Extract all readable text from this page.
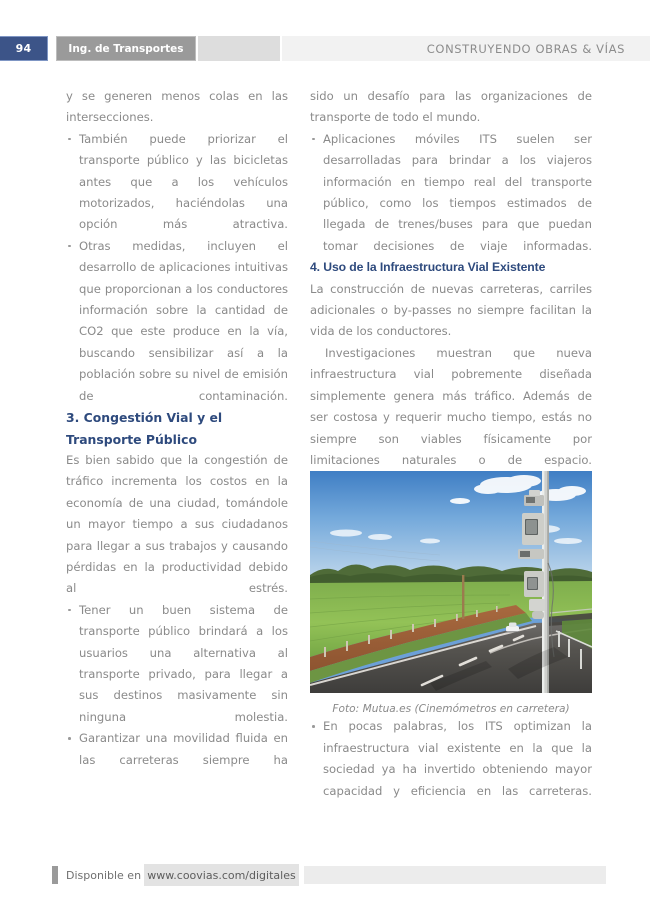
94	Ing. de Transportes	CONSTRUYENDO OBRAS & VÍAS

y se generen menos colas en las intersecciones.

También puede priorizar el transporte público y las bicicletas antes que a los vehículos motorizados, haciéndolas una opción más atractiva.
Otras medidas, incluyen el desarrollo de aplicaciones intuitivas que proporcionan a los conductores información sobre la cantidad de CO2 que este produce en la vía, buscando sensibilizar así a la población sobre su nivel de emisión de contaminación.
3. Congestión Vial y el Transporte Público

Es bien sabido que la congestión de tráfico incrementa los costos en la economía de una ciudad, tomándole un mayor tiempo a sus ciudadanos para llegar a sus trabajos y causando pérdidas en la productividad debido al estrés.

Tener un buen sistema de transporte público brindará a los usuarios una alternativa al transporte privado, para llegar a sus destinos masivamente sin ninguna molestia.
Garantizar una movilidad fluida en las carreteras siempre ha

sido un desafío para las organizaciones de transporte de todo el mundo.

Aplicaciones móviles ITS suelen ser desarrolladas para brindar a los viajeros información en tiempo real del transporte público, como los tiempos estimados de llegada de trenes/buses para que puedan tomar decisiones de viaje informadas.
4. Uso de la Infraestructura Vial Existente

La construcción de nuevas carreteras, carriles adicionales o by-passes no siempre facilitan la vida de los conductores.

Investigaciones muestran que nueva infraestructura vial pobremente diseñada simplemente genera más tráfico. Además de ser costosa y requerir mucho tiempo, estás no siempre son viables físicamente por limitaciones naturales o de espacio.

Foto: Mutua.es (Cinemómetros en carretera)
En pocas palabras, los ITS optimizan la infraestructura vial existente en la que la sociedad ya ha invertido obteniendo mayor capacidad y eficiencia en las carreteras.
Disponible en www.coovias.com/digitales
